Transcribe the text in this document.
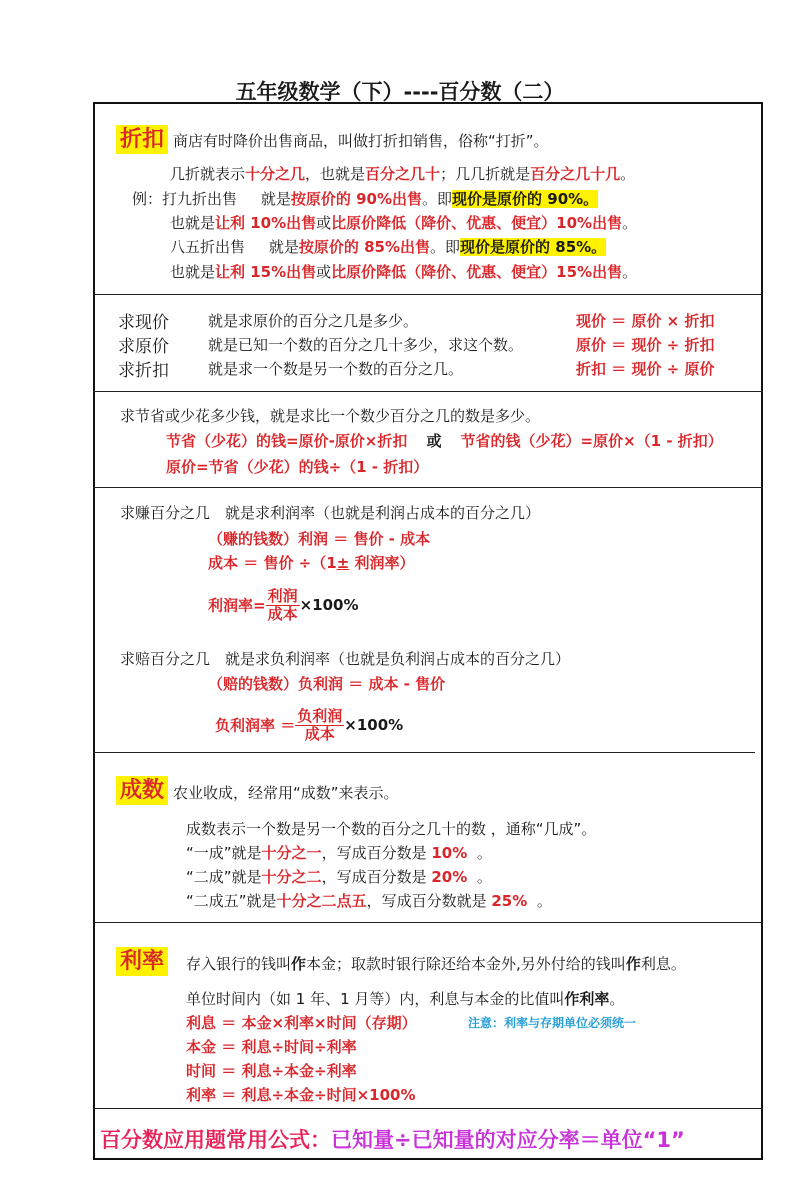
五年级数学（下）----百分数（二）
折扣 商店有时降价出售商品，叫做打折扣销售，俗称“打折”。
几折就表示十分之几，也就是百分之几十；几几折就是百分之几十几。
例：打九折出售 就是按原价的 90%出售。即现价是原价的 90%。
也就是让利 10%出售或比原价降低（降价、优惠、便宜）10%出售。
八五折出售 就是按原价的 85%出售。即现价是原价的 85%。
也就是让利 15%出售或比原价降低（降价、优惠、便宜）15%出售。
求现价	就是求原价的百分之几是多少。	现价 ＝ 原价 × 折扣
求原价	就是已知一个数的百分之几十多少，求这个数。	原价 ＝ 现价 ÷ 折扣
求折扣	就是求一个数是另一个数的百分之几。	折扣 ＝ 现价 ÷ 原价
求节省或少花多少钱，就是求比一个数少百分之几的数是多少。
节省（少花）的钱=原价-原价×折扣 或 节省的钱（少花）=原价×（1 - 折扣）
原价=节省（少花）的钱÷（1 - 折扣）
求赚百分之几　就是求利润率（也就是利润占成本的百分之几）
（赚的钱数）利润 ＝ 售价 - 成本
成本 ＝ 售价 ÷（1± 利润率）
利润率= $\frac{\text{利润}}{\text{成本}} \times 100\%$
求赔百分之几　就是求负利润率（也就是负利润占成本的百分之几）
（赔的钱数）负利润 ＝ 成本 - 售价
负利润率 ＝ $\frac{\text{负利润}}{\text{成本}} \times 100\%$
成数 农业收成，经常用“成数”来表示。
成数表示一个数是另一个数的百分之几十的数 ，通称“几成”。
“一成”就是十分之一，写成百分数是 10% 。
“二成”就是十分之二，写成百分数是 20% 。
“二成五”就是十分之二点五，写成百分数就是 25% 。
利率 存入银行的钱叫作本金；取款时银行除还给本金外,另外付给的钱叫作利息。
单位时间内（如 1 年、1 月等）内，利息与本金的比值叫作利率。
利息 ＝ 本金×利率×时间（存期）	注意：利率与存期单位必须统一
本金 ＝ 利息÷时间÷利率
时间 ＝ 利息÷本金÷利率
利率 ＝ 利息÷本金÷时间×100%
百分数应用题常用公式：已知量÷已知量的对应分率＝单位“1”
